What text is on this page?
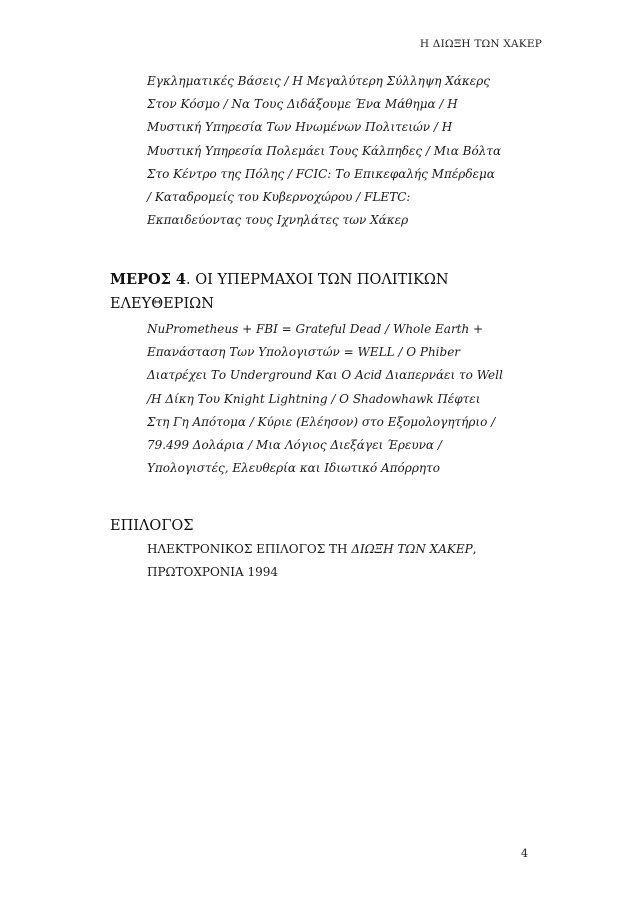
Η ΔΙΩΞΗ ΤΩΝ ΧΑΚΕΡ
Εγκληματικές Βάσεις / Η Μεγαλύτερη Σύλληψη Χάκερς
Στον Κόσμο / Να Τους Διδάξουμε Ένα Μάθημα / Η
Μυστική Υπηρεσία Των Ηνωμένων Πολιτειών / Η
Μυστική Υπηρεσία Πολεμάει Τους Κάλπηδες / Μια Βόλτα
Στο Κέντρο της Πόλης / FCIC: Το Επικεφαλής Μπέρδεμα
/ Καταδρομείς του Κυβερνοχώρου / FLETC:
Εκπαιδεύοντας τους Ιχνηλάτες των Χάκερ
ΜΕΡΟΣ 4. ΟΙ ΥΠΕΡΜΑΧΟΙ ΤΩΝ ΠΟΛΙΤΙΚΩΝ
ΕΛΕΥΘΕΡΙΩΝ
NuPrometheus + FBI = Grateful Dead / Whole Earth +
Επανάσταση Των Υπολογιστών = WELL / O Phiber
Διατρέχει Το Underground Και O Acid Διαπερνάει το Well
/Η Δίκη Του Knight Lightning / O Shadowhawk Πέφτει
Στη Γη Απότομα / Κύριε (Ελέησον) στο Εξομολογητήριο /
79.499 Δολάρια / Μια Λόγιος Διεξάγει Έρευνα /
Υπολογιστές, Ελευθερία και Ιδιωτικό Απόρρητο
ΕΠΙΛΟΓΟΣ
ΗΛΕΚΤΡΟΝΙΚΟΣ ΕΠΙΛΟΓΟΣ ΤΗ ΔΙΩΞΗ ΤΩΝ ΧΑΚΕΡ,
ΠΡΩΤΟΧΡΟΝΙΑ 1994
4
